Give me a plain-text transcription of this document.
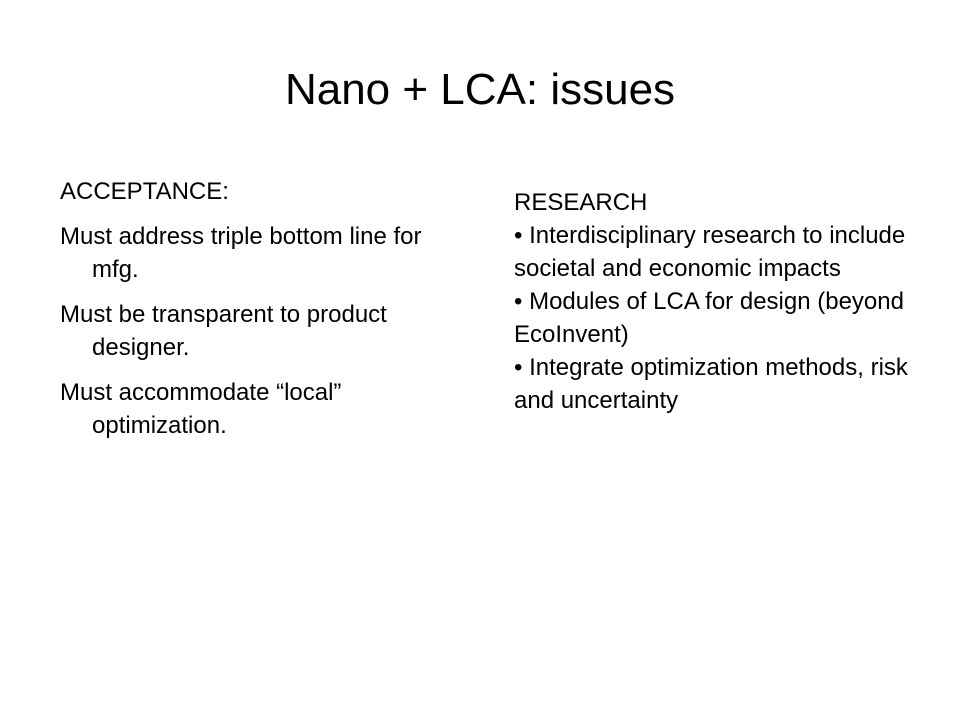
Nano + LCA: issues
ACCEPTANCE:
Must address triple bottom line for mfg.
Must be transparent to product designer.
Must accommodate “local” optimization.
RESEARCH
• Interdisciplinary research to include societal and economic impacts
• Modules of LCA for design (beyond EcoInvent)
• Integrate optimization methods, risk and uncertainty
